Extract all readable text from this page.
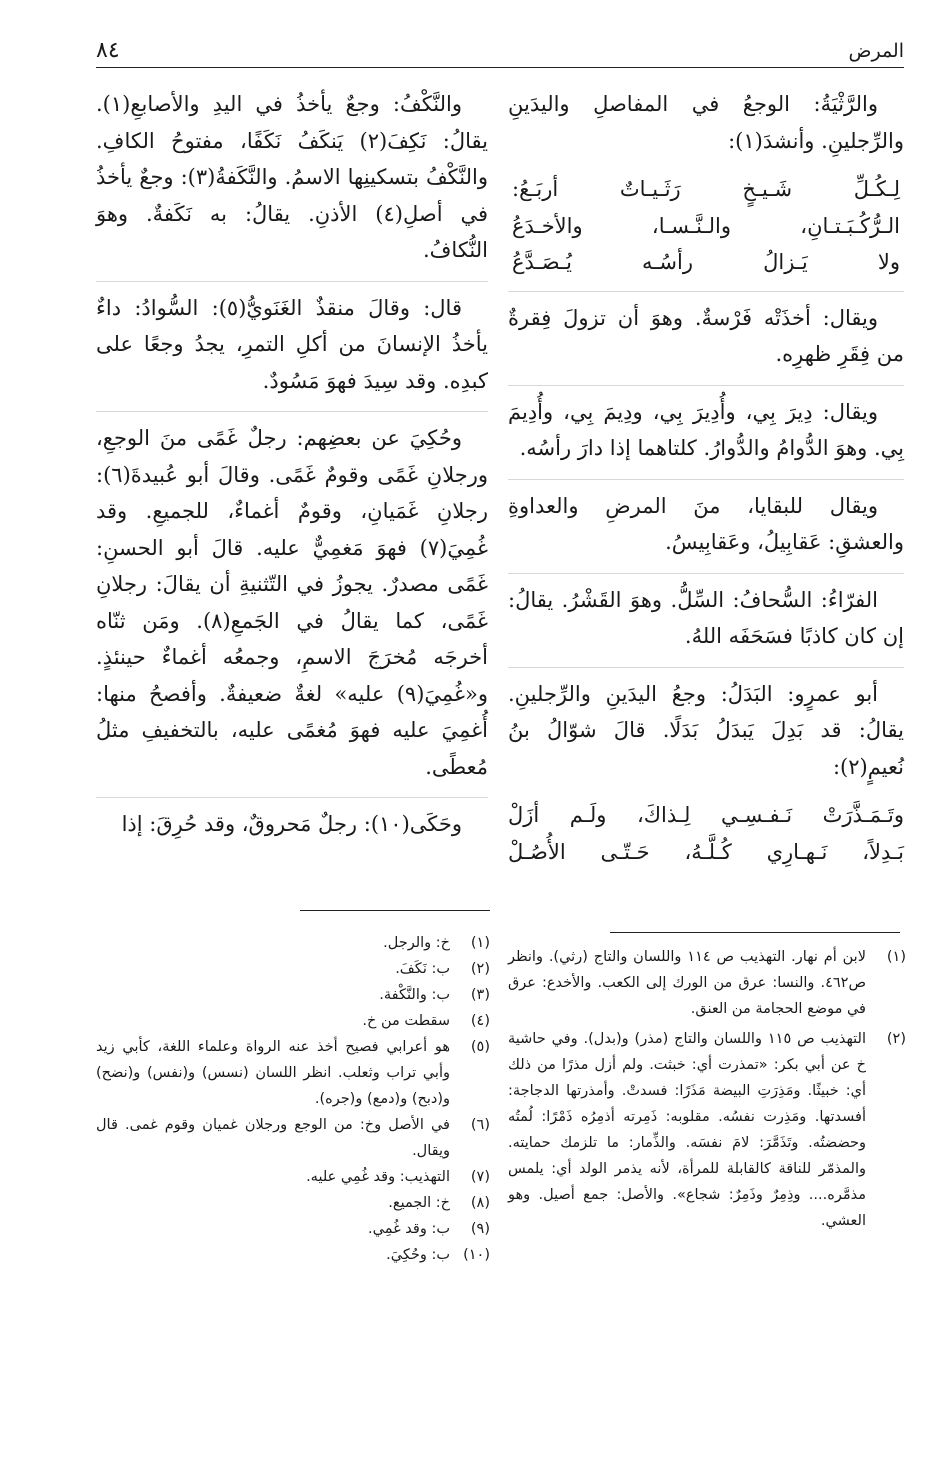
المرض
٨٤

والرَّثْيَةُ: الوجعُ في المفاصلِ واليدَينِ والرِّجلينِ. وأنشدَ(١):

لِـكُـلِّ شَـيـخٍ رَثَـيـاتٌ أربَـعُ:
الـرُّكُـبَـتـانِ، والـنَّـسـا، والأخـدَعُ
ولا يَـزالُ رأسُـه يُـصَـدَّعُ

ويقال: أخذَتْه فَرْسةٌ. وهوَ أن تزولَ فِقرةٌ من فِقَرِ ظهرِه.

ويقال: دِيرَ بِي، وأُدِيرَ بِي، ودِيمَ بِي، وأُدِيمَ بِي. وهوَ الدُّوامُ والدُّوارُ. كلتاهما إذا دارَ رأسُه.

ويقال للبقايا، منَ المرضِ والعداوةِ والعشقِ: عَقابِيلُ، وعَقابِيسُ.

الفرّاءُ: السُّحافُ: السِّلُّ. وهوَ القَشْرُ. يقالُ: إن كان كاذبًا فسَحَفَه اللهُ.

أبو عمرٍو: البَدَلُ: وجعُ اليدَينِ والرِّجلينِ. يقالُ: قد بَدِلَ يَبدَلُ بَدَلًا. قالَ شوّالُ بنُ نُعيمٍ(٢):

وتَـمَـذَّرَتْ نَـفـسِـي لِـذاكَ، ولَـم أزَلْ
بَـدِلاً، نَـهـارِي كُـلَّـهُ، حَـتّـى الأُصُـلْ

والنَّكْفُ: وجعٌ يأخذُ في اليدِ والأصابعِ(١). يقالُ: نَكِفَ(٢) يَنكَفُ نَكَفًا، مفتوحُ الكافِ. والنَّكْفُ بتسكينِها الاسمُ. والنَّكَفةُ(٣): وجعٌ يأخذُ في أصلِ(٤) الأذنِ. يقالُ: به نَكَفةٌ. وهوَ النُّكافُ.

قال: وقالَ منقذٌ الغَنَويُّ(٥): السُّوادُ: داءٌ يأخذُ الإنسانَ من أكلِ التمرِ، يجدُ وجعًا على كبدِه. وقد سِيدَ فهوَ مَسُودٌ.

وحُكِيَ عن بعضِهم: رجلٌ غَمًى منَ الوجعِ، ورجلانِ غَمًى وقومٌ غَمًى. وقالَ أبو عُبيدةَ(٦): رجلانِ غَمَيانِ، وقومٌ أغماءٌ، للجميعِ. وقد غُمِيَ(٧) فهوَ مَغمِيٌّ عليه. قالَ أبو الحسنِ: غَمًى مصدرٌ. يجوزُ في التّثنيةِ أن يقالَ: رجلانِ غَمًى، كما يقالُ في الجَمعِ(٨). ومَن ثنّاه أخرجَه مُخرَجَ الاسمِ، وجمعُه أغماءٌ حينئذٍ. و«غُمِيَ(٩) عليه» لغةٌ ضعيفةٌ. وأفصحُ منها: أُغمِيَ عليه فهوَ مُغمًى عليه، بالتخفيفِ مثلُ مُعطًى.

وحَكَى(١٠): رجلٌ مَحروقٌ، وقد حُرِقَ: إذا

(١)
لابن أم نهار. التهذيب ص ١١٤ واللسان والتاج (رثي). وانظر ص٤٦٢. والنسا: عرق من الورك إلى الكعب. والأخدع: عرق في موضع الحجامة من العنق.
(٢)
التهذيب ص ١١٥ واللسان والتاج (مذر) و(بدل). وفي حاشية خ عن أبي بكر: «تمذرت أي: خبثت. ولم أزل مذرًا من ذلك أي: خبيثًا. ومَذِرَتِ البيضة مَذَرًا: فسدتْ. وأمذرتها الدجاجة: أفسدتها. ومَذِرت نفسُه. مقلوبه: ذَمِرته أذمِرُه ذَمْرًا: لُمتُه وحضضتُه. وتَذَمَّرَ: لامَ نفسَه. والذِّمار: ما تلزمك حمايته. والمذمّر للناقة كالقابلة للمرأة، لأنه يذمر الولد أي: يلمس مذمَّره.... وذِمِرٌ وذَمِرٌ: شجاع». والأصل: جمع أصيل. وهو العشي.
(١)
خ: والرجل.
(٢)
ب: نَكَفَ.
(٣)
ب: والنَّكْفة.
(٤)
سقطت من خ.
(٥)
هو أعرابي فصيح أخذ عنه الرواة وعلماء اللغة، كأبي زيد وأبي تراب وثعلب. انظر اللسان (نسس) و(نفس) و(نضح) و(دبح) و(دمع) و(جره).
(٦)
في الأصل وخ: من الوجع ورجلان غميان وقوم غمى. قال ويقال.
(٧)
التهذيب: وقد غُمِي عليه.
(٨)
خ: الجميع.
(٩)
ب: وقد غُمِي.
(١٠)
ب: وحُكِيَ.
